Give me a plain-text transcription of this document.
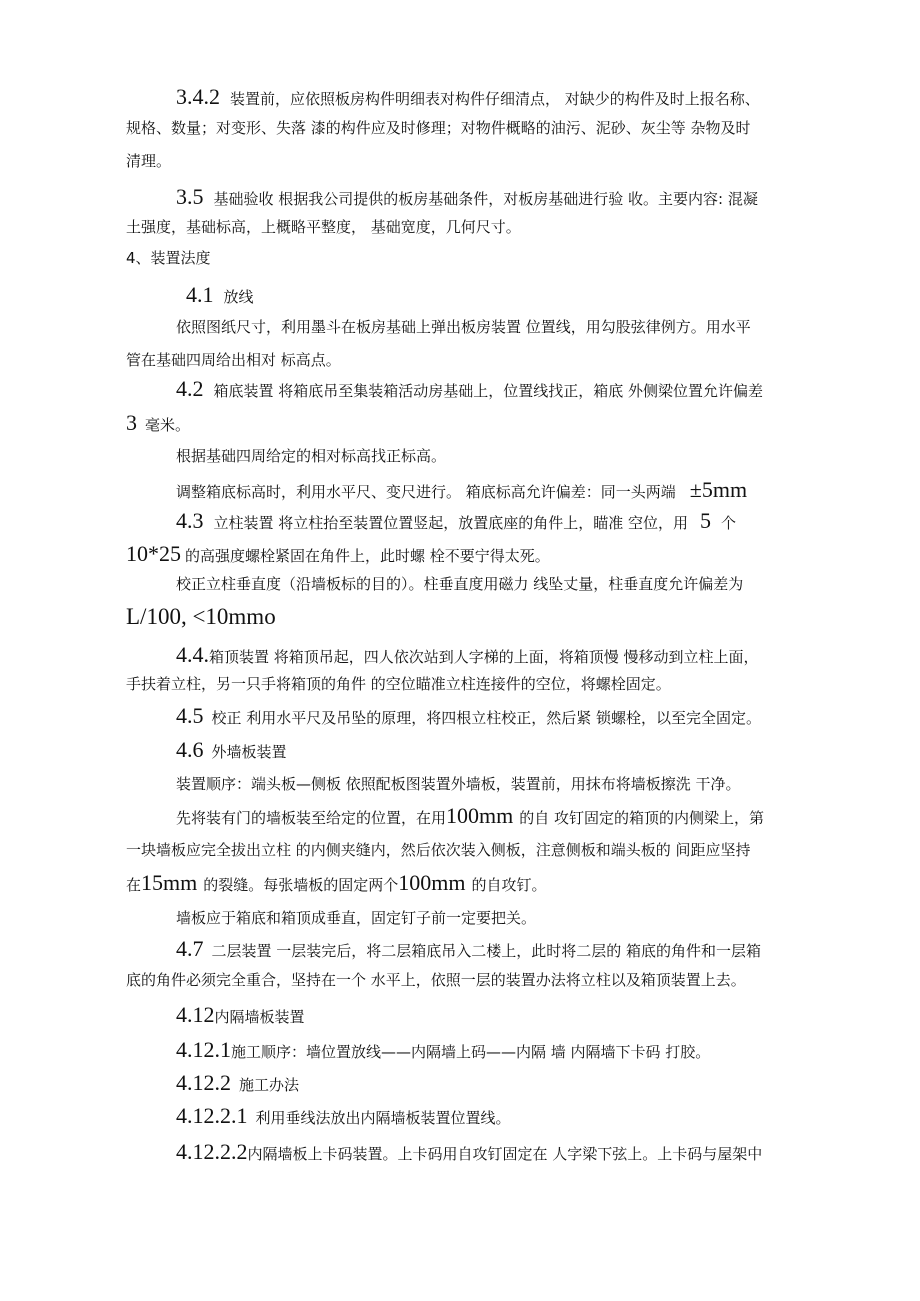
3.4.2 装置前，应依照板房构件明细表对构件仔细清点， 对缺少的构件及时上报名称、
规格、数量；对变形、失落 漆的构件应及时修理；对物件概略的油污、泥砂、灰尘等 杂物及时
清理。
3.5 基础验收 根据我公司提供的板房基础条件，对板房基础进行验 收。主要内容: 混凝
土强度，基础标高，上概略平整度， 基础宽度，几何尺寸。
4、装置法度
4.1 放线
依照图纸尺寸，利用墨斗在板房基础上弹出板房装置 位置线，用勾股弦律例方。用水平
管在基础四周给出相对 标高点。
4.2 箱底装置 将箱底吊至集装箱活动房基础上，位置线找正，箱底 外侧梁位置允许偏差
3 毫米。
根据基础四周给定的相对标高找正标高。
调整箱底标高时，利用水平尺、变尺进行。 箱底标高允许偏差：同一头两端 ±5mm
4.3 立柱装置 将立柱抬至装置位置竖起，放置底座的角件上，瞄准 空位，用 5 个
10*25 的高强度螺栓紧固在角件上，此时螺 栓不要宁得太死。
校正立柱垂直度（沿墙板标的目的）。柱垂直度用磁力 线坠丈量，柱垂直度允许偏差为
L/100, <10mmo
4.4.箱顶装置 将箱顶吊起，四人依次站到人字梯的上面，将箱顶慢 慢移动到立柱上面，
手扶着立柱，另一只手将箱顶的角件 的空位瞄准立柱连接件的空位，将螺栓固定。
4.5 校正 利用水平尺及吊坠的原理，将四根立柱校正，然后紧 锁螺栓，以至完全固定。
4.6 外墙板装置
装置顺序：端头板—侧板 依照配板图装置外墙板，装置前，用抹布将墙板擦洗 干净。
先将装有门的墙板装至给定的位置，在用100mm 的自 攻钉固定的箱顶的内侧梁上，第
一块墙板应完全拔出立柱 的内侧夹缝内，然后依次装入侧板，注意侧板和端头板的 间距应坚持
在15mm 的裂缝。每张墙板的固定两个100mm 的自攻钉。
墙板应于箱底和箱顶成垂直，固定钉子前一定要把关。
4.7 二层装置 一层装完后，将二层箱底吊入二楼上，此时将二层的 箱底的角件和一层箱
底的角件必须完全重合，坚持在一个 水平上，依照一层的装置办法将立柱以及箱顶装置上去。
4.12内隔墙板装置
4.12.1施工顺序：墙位置放线——内隔墙上码——内隔 墙 内隔墙下卡码 打胶。
4.12.2 施工办法
4.12.2.1 利用垂线法放出内隔墙板装置位置线。
4.12.2.2内隔墙板上卡码装置。上卡码用自攻钉固定在 人字梁下弦上。上卡码与屋架中
